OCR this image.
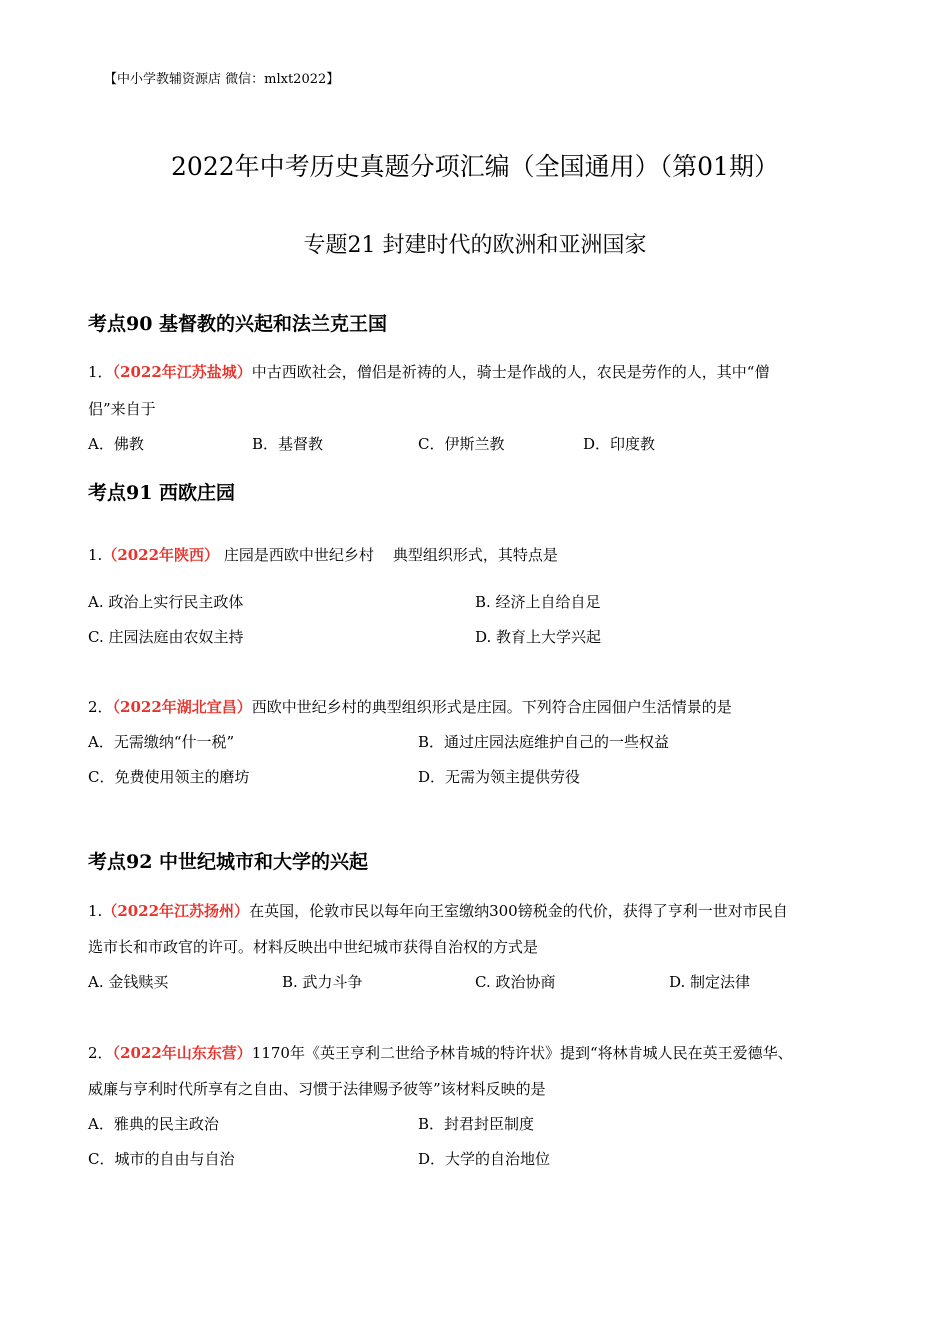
【中小学教辅资源店 微信：mlxt2022】
2022年中考历史真题分项汇编（全国通用）（第01期）
专题21 封建时代的欧洲和亚洲国家
考点90 基督教的兴起和法兰克王国
1．（2022年江苏盐城）中古西欧社会，僧侣是祈祷的人，骑士是作战的人，农民是劳作的人，其中“僧
侣”来自于
A．佛教	B．基督教	C．伊斯兰教	D．印度教
考点91 西欧庄园
1.（2022年陕西） 庄园是西欧中世纪乡村    典型组织形式，其特点是
A. 政治上实行民主政体	B. 经济上自给自足
C. 庄园法庭由农奴主持	D. 教育上大学兴起
2．（2022年湖北宜昌）西欧中世纪乡村的典型组织形式是庄园。下列符合庄园佃户生活情景的是
A．无需缴纳“什一税”	B．通过庄园法庭维护自己的一些权益
C．免费使用领主的磨坊	D．无需为领主提供劳役
考点92 中世纪城市和大学的兴起
1.（2022年江苏扬州）在英国，伦敦市民以每年向王室缴纳300镑税金的代价，获得了亨利一世对市民自
选市长和市政官的许可。材料反映出中世纪城市获得自治权的方式是
A. 金钱赎买	B. 武力斗争	C. 政治协商	D. 制定法律
2．（2022年山东东营）1170年《英王亨利二世给予林肯城的特许状》提到“将林肯城人民在英王爱德华、
威廉与亨利时代所享有之自由、习惯于法律赐予彼等”该材料反映的是
A．雅典的民主政治	B．封君封臣制度
C．城市的自由与自治	D．大学的自治地位
